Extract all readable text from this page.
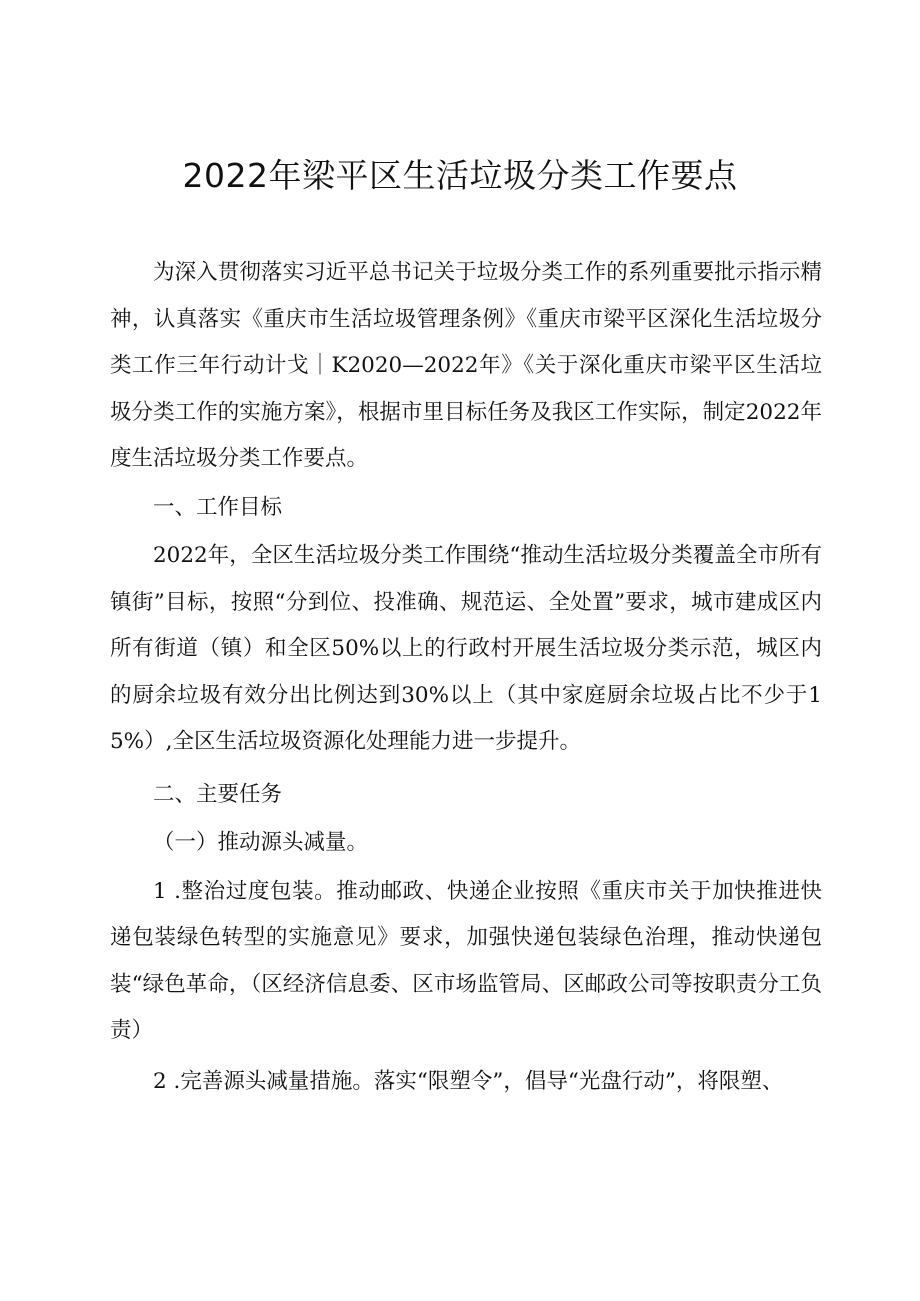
2022年梁平区生活垃圾分类工作要点

为深入贯彻落实习近平总书记关于垃圾分类工作的系列重要批示指示精神，认真落实《重庆市生活垃圾管理条例》《重庆市梁平区深化生活垃圾分类工作三年行动计戈｜K2020—2022年》《关于深化重庆市梁平区生活垃圾分类工作的实施方案》，根据市里目标任务及我区工作实际，制定2022年度生活垃圾分类工作要点。

一、工作目标

2022年，全区生活垃圾分类工作围绕“推动生活垃圾分类覆盖全市所有镇街”目标，按照“分到位、投准确、规范运、全处置”要求，城市建成区内所有街道（镇）和全区50%以上的行政村开展生活垃圾分类示范，城区内的厨余垃圾有效分出比例达到30%以上（其中家庭厨余垃圾占比不少于15%）,全区生活垃圾资源化处理能力进一步提升。

二、主要任务

（一）推动源头减量。

1 .整治过度包装。推动邮政、快递企业按照《重庆市关于加快推进快递包装绿色转型的实施意见》要求，加强快递包装绿色治理，推动快递包装“绿色革命，（区经济信息委、区市场监管局、区邮政公司等按职责分工负责）

2 .完善源头减量措施。落实“限塑令”，倡导“光盘行动”，将限塑、
